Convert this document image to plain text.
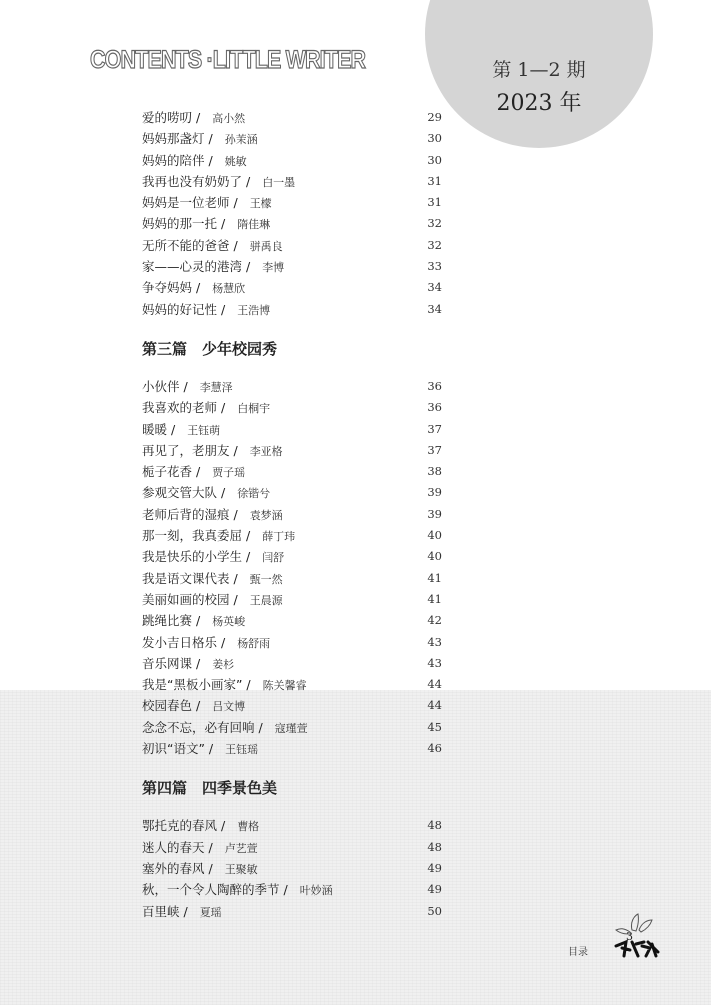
第 1—2 期
2023 年
CONTENTS ·LITTLE WRITER
爱的唠叨 / 高小然	29
妈妈那盏灯 / 孙茉涵	30
妈妈的陪伴 / 姚敏	30
我再也没有奶奶了 / 白一墨	31
妈妈是一位老师 / 王檬	31
妈妈的那一托 / 隋佳琳	32
无所不能的爸爸 / 骈禹良	32
家——心灵的港湾 / 李博	33
争夺妈妈 / 杨慧欣	34
妈妈的好记性 / 王浩博	34
第三篇　少年校园秀
小伙伴 / 李慧泽	36
我喜欢的老师 / 白桐宇	36
暖暖 / 王钰萌	37
再见了，老朋友 / 李亚格	37
栀子花香 / 贾子瑶	38
参观交管大队 / 徐锴兮	39
老师后背的湿痕 / 袁梦涵	39
那一刻，我真委屈 / 薛丁玮	40
我是快乐的小学生 / 闫舒	40
我是语文课代表 / 甄一然	41
美丽如画的校园 / 王晨源	41
跳绳比赛 / 杨英峻	42
发小吉日格乐 / 杨舒雨	43
音乐网课 / 姜杉	43
我是“黑板小画家” / 陈关馨睿	44
校园春色 / 吕文博	44
念念不忘，必有回响 / 寇瑾萱	45
初识“语文” / 王钰瑶	46
第四篇　四季景色美
鄂托克的春风 / 曹格	48
迷人的春天 / 卢艺萱	48
塞外的春风 / 王聚敏	49
秋，一个令人陶醉的季节 / 叶妙涵	49
百里峡 / 夏瑶	50
目录
3
